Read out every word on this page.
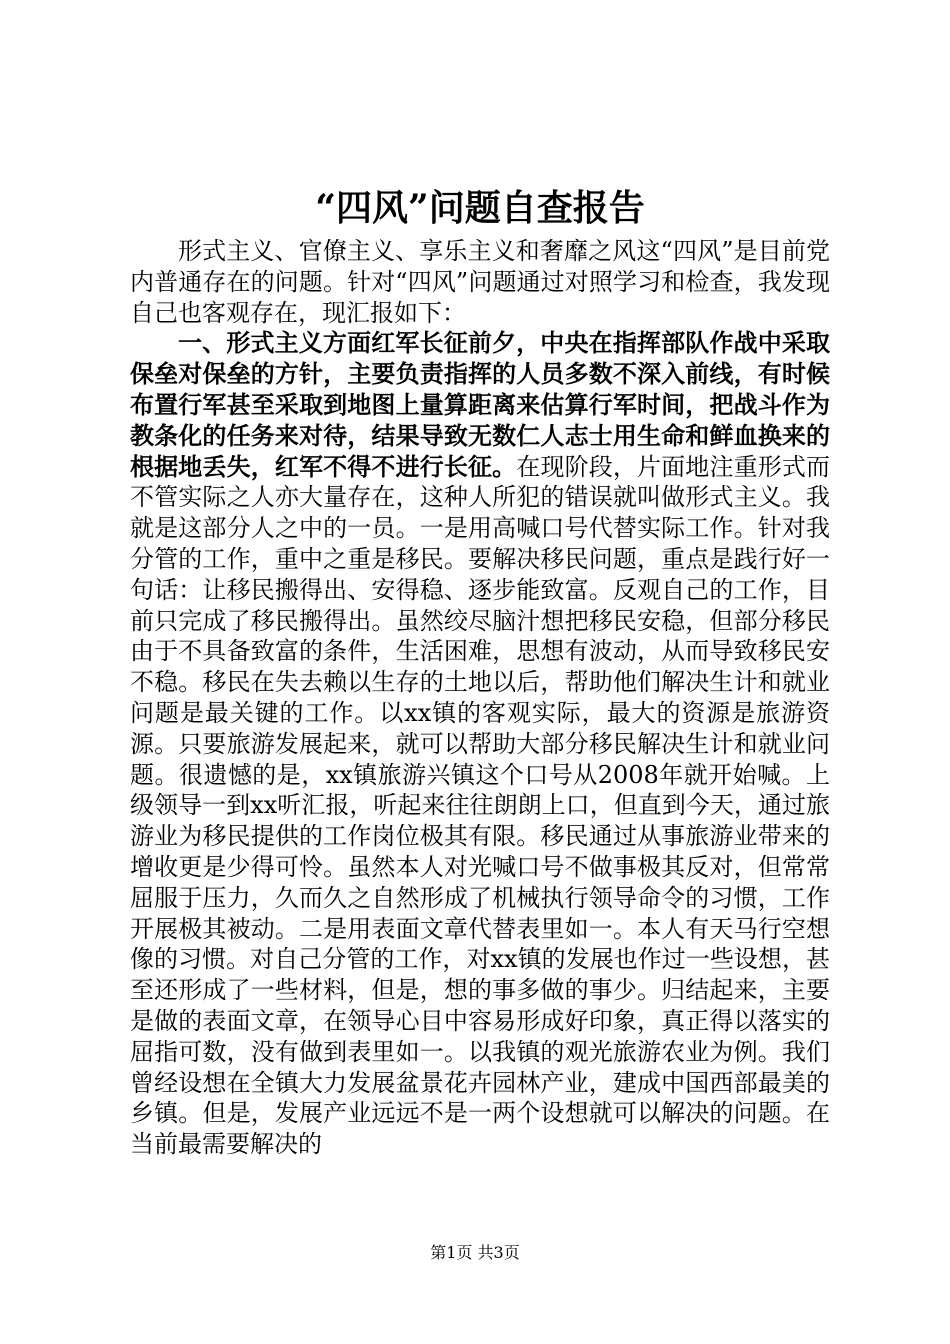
“四风”问题自查报告

形式主义、官僚主义、享乐主义和奢靡之风这“四风”是目前党内普通存在的问题。针对“四风”问题通过对照学习和检查，我发现自己也客观存在，现汇报如下：

一、形式主义方面红军长征前夕，中央在指挥部队作战中采取保垒对保垒的方针，主要负责指挥的人员多数不深入前线，有时候布置行军甚至采取到地图上量算距离来估算行军时间，把战斗作为教条化的任务来对待，结果导致无数仁人志士用生命和鲜血换来的根据地丢失，红军不得不进行长征。在现阶段，片面地注重形式而不管实际之人亦大量存在，这种人所犯的错误就叫做形式主义。我就是这部分人之中的一员。一是用高喊口号代替实际工作。针对我分管的工作，重中之重是移民。要解决移民问题，重点是践行好一句话：让移民搬得出、安得稳、逐步能致富。反观自己的工作，目前只完成了移民搬得出。虽然绞尽脑汁想把移民安稳，但部分移民由于不具备致富的条件，生活困难，思想有波动，从而导致移民安不稳。移民在失去赖以生存的土地以后，帮助他们解决生计和就业问题是最关键的工作。以xx镇的客观实际，最大的资源是旅游资源。只要旅游发展起来，就可以帮助大部分移民解决生计和就业问题。很遗憾的是，xx镇旅游兴镇这个口号从2008年就开始喊。上级领导一到xx听汇报，听起来往往朗朗上口，但直到今天，通过旅游业为移民提供的工作岗位极其有限。移民通过从事旅游业带来的增收更是少得可怜。虽然本人对光喊口号不做事极其反对，但常常屈服于压力，久而久之自然形成了机械执行领导命令的习惯，工作开展极其被动。二是用表面文章代替表里如一。本人有天马行空想像的习惯。对自己分管的工作，对xx镇的发展也作过一些设想，甚至还形成了一些材料，但是，想的事多做的事少。归结起来，主要是做的表面文章，在领导心目中容易形成好印象，真正得以落实的屈指可数，没有做到表里如一。以我镇的观光旅游农业为例。我们曾经设想在全镇大力发展盆景花卉园林产业，建成中国西部最美的乡镇。但是，发展产业远远不是一两个设想就可以解决的问题。在当前最需要解决的

第1页 共3页
